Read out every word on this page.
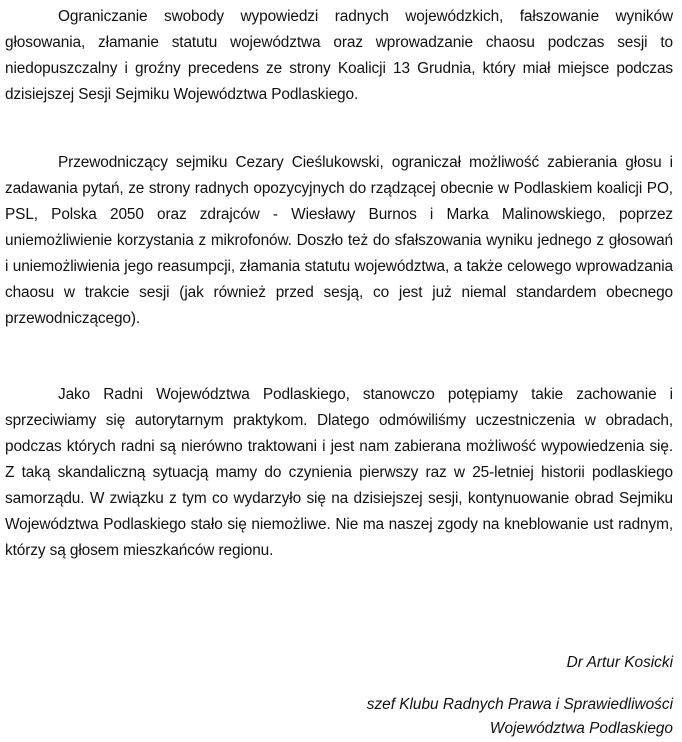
Ograniczanie swobody wypowiedzi radnych wojewódzkich, fałszowanie wyników głosowania, złamanie statutu województwa oraz wprowadzanie chaosu podczas sesji to niedopuszczalny i groźny precedens ze strony Koalicji 13 Grudnia, który miał miejsce podczas dzisiejszej Sesji Sejmiku Województwa Podlaskiego.

Przewodniczący sejmiku Cezary Cieślukowski, ograniczał możliwość zabierania głosu i zadawania pytań, ze strony radnych opozycyjnych do rządzącej obecnie w Podlaskiem koalicji PO, PSL, Polska 2050 oraz zdrajców - Wiesławy Burnos i Marka Malinowskiego, poprzez uniemożliwienie korzystania z mikrofonów. Doszło też do sfałszowania wyniku jednego z głosowań i uniemożliwienia jego reasumpcji, złamania statutu województwa, a także celowego wprowadzania chaosu w trakcie sesji (jak również przed sesją, co jest już niemal standardem obecnego przewodniczącego).

Jako Radni Województwa Podlaskiego, stanowczo potępiamy takie zachowanie i sprzeciwiamy się autorytarnym praktykom. Dlatego odmówiliśmy uczestniczenia w obradach, podczas których radni są nierówno traktowani i jest nam zabierana możliwość wypowiedzenia się. Z taką skandaliczną sytuacją mamy do czynienia pierwszy raz w 25-letniej historii podlaskiego samorządu. W związku z tym co wydarzyło się na dzisiejszej sesji, kontynuowanie obrad Sejmiku Województwa Podlaskiego stało się niemożliwe. Nie ma naszej zgody na kneblowanie ust radnym, którzy są głosem mieszkańców regionu.

Dr Artur Kosicki

szef Klubu Radnych Prawa i Sprawiedliwości
Województwa Podlaskiego
